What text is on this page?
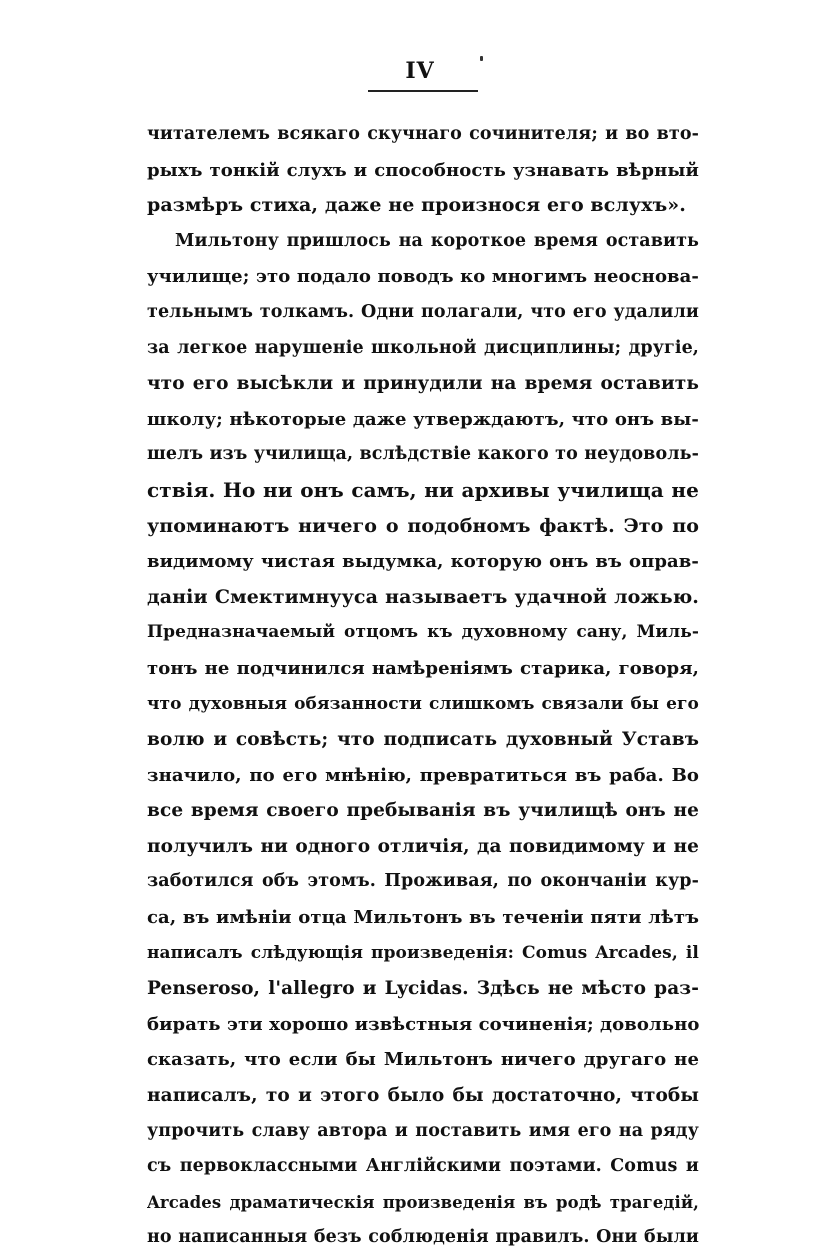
IV
читателемъ всякаго скучнаго сочинителя; и во вто-
рыхъ тонкій слухъ и способность узнавать вѣрный
размѣръ стиха, даже не произнося его вслухъ».
Мильтону пришлось на короткое время оставить
училище; это подало поводъ ко многимъ неоснова-
тельнымъ толкамъ. Одни полагали, что его удалили
за легкое нарушеніе школьной дисциплины; другіе,
что его высѣкли и принудили на время оставить
школу; нѣкоторые даже утверждаютъ, что онъ вы-
шелъ изъ училища, вслѣдствіе какого то неудоволь-
ствія. Но ни онъ самъ, ни архивы училища не
упоминаютъ ничего о подобномъ фактѣ. Это по
видимому чистая выдумка, которую онъ въ оправ-
даніи Смектимнууса называетъ удачной ложью.
Предназначаемый отцомъ къ духовному сану, Миль-
тонъ не подчинился намѣреніямъ старика, говоря,
что духовныя обязанности слишкомъ связали бы его
волю и совѣсть; что подписать духовный Уставъ
значило, по его мнѣнію, превратиться въ раба. Во
все время своего пребыванія въ училищѣ онъ не
получилъ ни одного отличія, да повидимому и не
заботился объ этомъ. Проживая, по окончаніи кур-
са, въ имѣніи отца Мильтонъ въ теченіи пяти лѣтъ
написалъ слѣдующія произведенія: Comus Arcades, il
Penseroso, l'allegro и Lycidas. Здѣсь не мѣсто раз-
бирать эти хорошо извѣстныя сочиненія; довольно
сказать, что если бы Мильтонъ ничего другаго не
написалъ, то и этого было бы достаточно, чтобы
упрочить славу автора и поставить имя его на ряду
съ первоклассными Англійскими поэтами. Comus и
Arcades драматическія произведенія въ родѣ трагедій,
но написанныя безъ соблюденія правилъ. Они были
